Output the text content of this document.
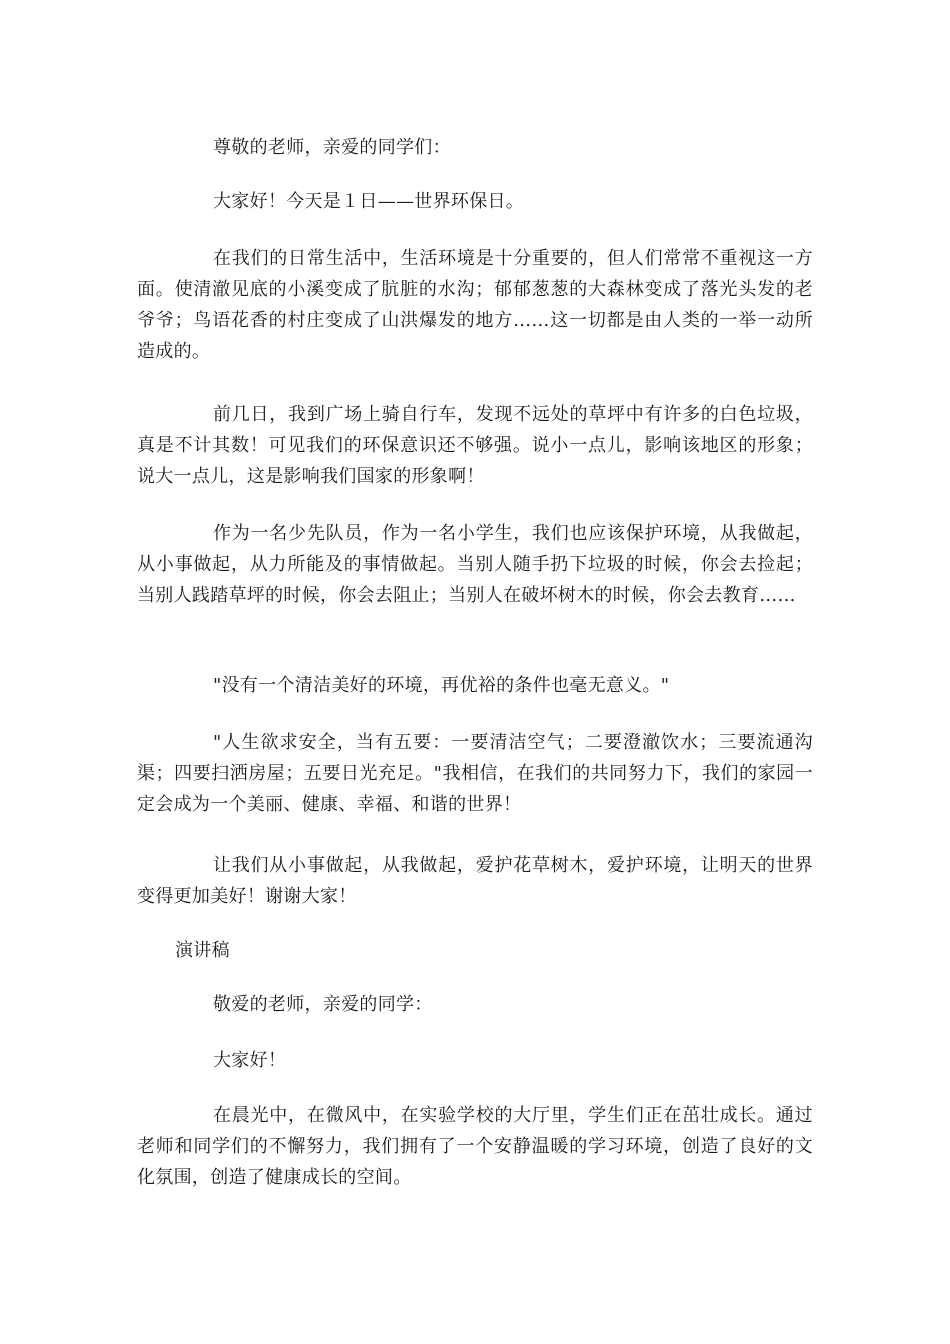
尊敬的老师，亲爱的同学们：

大家好！今天是１日——世界环保日。

在我们的日常生活中，生活环境是十分重要的，但人们常常不重视这一方面。使清澈见底的小溪变成了肮脏的水沟；郁郁葱葱的大森林变成了落光头发的老爷爷；鸟语花香的村庄变成了山洪爆发的地方……这一切都是由人类的一举一动所造成的。

前几日，我到广场上骑自行车，发现不远处的草坪中有许多的白色垃圾，真是不计其数！可见我们的环保意识还不够强。说小一点儿，影响该地区的形象；说大一点儿，这是影响我们国家的形象啊！

作为一名少先队员，作为一名小学生，我们也应该保护环境，从我做起，从小事做起，从力所能及的事情做起。当别人随手扔下垃圾的时候，你会去捡起；当别人践踏草坪的时候，你会去阻止；当别人在破坏树木的时候，你会去教育……

"没有一个清洁美好的环境，再优裕的条件也毫无意义。"

"人生欲求安全，当有五要：一要清洁空气；二要澄澈饮水；三要流通沟渠；四要扫洒房屋；五要日光充足。"我相信，在我们的共同努力下，我们的家园一定会成为一个美丽、健康、幸福、和谐的世界！

让我们从小事做起，从我做起，爱护花草树木，爱护环境，让明天的世界变得更加美好！谢谢大家！

演讲稿

敬爱的老师，亲爱的同学：

大家好！

在晨光中，在微风中，在实验学校的大厅里，学生们正在茁壮成长。通过老师和同学们的不懈努力，我们拥有了一个安静温暖的学习环境，创造了良好的文化氛围，创造了健康成长的空间。
